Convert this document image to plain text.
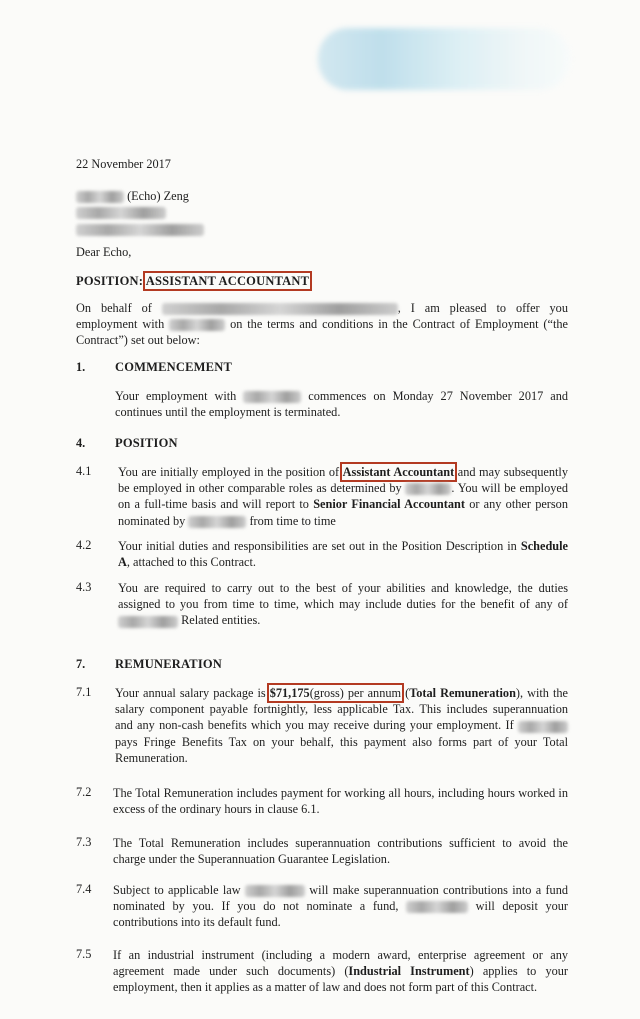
22 November 2017
(Echo) Zeng
Dear Echo,
POSITION: ASSISTANT ACCOUNTANT
On behalf of	, I am pleased to offer you employment with	on the terms and conditions in the Contract of Employment (“the Contract”) set out below:
1. COMMENCEMENT
Your employment with	commences on Monday 27 November 2017 and continues until the employment is terminated.
4. POSITION
4.1 You are initially employed in the position of Assistant Accountant and may subsequently be employed in other comparable roles as determined by	. You will be employed on a full-time basis and will report to Senior Financial Accountant or any other person nominated by	from time to time
4.2 Your initial duties and responsibilities are set out in the Position Description in Schedule A, attached to this Contract.
4.3 You are required to carry out to the best of your abilities and knowledge, the duties assigned to you from time to time, which may include duties for the benefit of any of  Related entities.
7. REMUNERATION
7.1 Your annual salary package is $71,175(gross) per annum (Total Remuneration), with the salary component payable fortnightly, less applicable Tax. This includes superannuation and any non-cash benefits which you may receive during your employment. If  pays Fringe Benefits Tax on your behalf, this payment also forms part of your Total Remuneration.
7.2 The Total Remuneration includes payment for working all hours, including hours worked in excess of the ordinary hours in clause 6.1.
7.3 The Total Remuneration includes superannuation contributions sufficient to avoid the charge under the Superannuation Guarantee Legislation.
7.4 Subject to applicable law	will make superannuation contributions into a fund nominated by you. If you do not nominate a fund,	will deposit your contributions into its default fund.
7.5 If an industrial instrument (including a modern award, enterprise agreement or any agreement made under such documents) (Industrial Instrument) applies to your employment, then it applies as a matter of law and does not form part of this Contract.
